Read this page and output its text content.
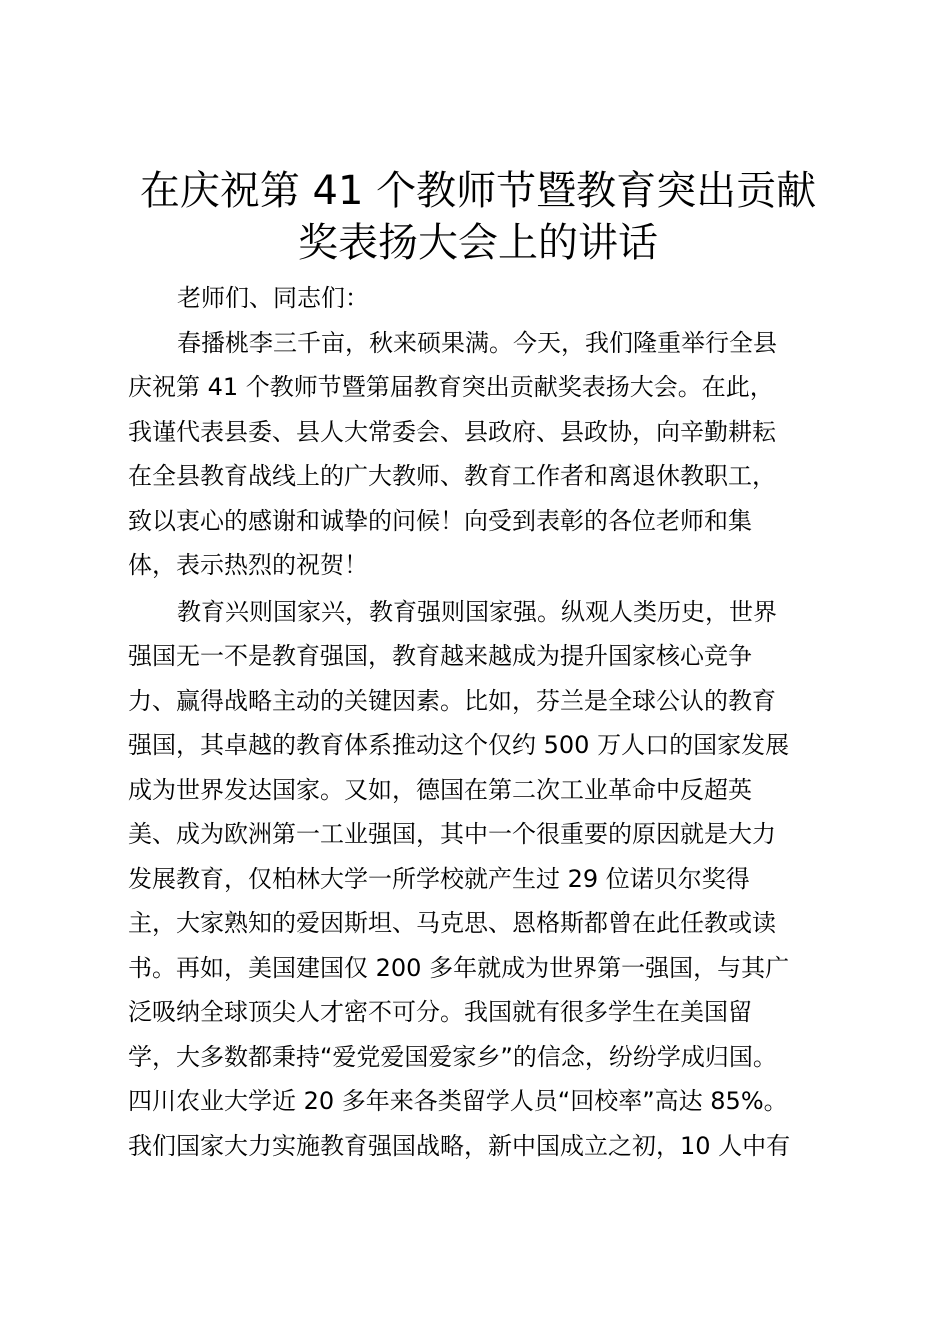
在庆祝第 41 个教师节暨教育突出贡献
奖表扬大会上的讲话
老师们、同志们：
春播桃李三千亩，秋来硕果满。今天，我们隆重举行全县
庆祝第 41 个教师节暨第届教育突出贡献奖表扬大会。在此，
我谨代表县委、县人大常委会、县政府、县政协，向辛勤耕耘
在全县教育战线上的广大教师、教育工作者和离退休教职工，
致以衷心的感谢和诚挚的问候！向受到表彰的各位老师和集
体，表示热烈的祝贺！
教育兴则国家兴，教育强则国家强。纵观人类历史，世界
强国无一不是教育强国，教育越来越成为提升国家核心竞争
力、赢得战略主动的关键因素。比如，芬兰是全球公认的教育
强国，其卓越的教育体系推动这个仅约 500 万人口的国家发展
成为世界发达国家。又如，德国在第二次工业革命中反超英
美、成为欧洲第一工业强国，其中一个很重要的原因就是大力
发展教育，仅柏林大学一所学校就产生过 29 位诺贝尔奖得
主，大家熟知的爱因斯坦、马克思、恩格斯都曾在此任教或读
书。再如，美国建国仅 200 多年就成为世界第一强国，与其广
泛吸纳全球顶尖人才密不可分。我国就有很多学生在美国留
学，大多数都秉持“爱党爱国爱家乡”的信念，纷纷学成归国。
四川农业大学近 20 多年来各类留学人员“回校率”高达 85%。
我们国家大力实施教育强国战略，新中国成立之初，10 人中有
